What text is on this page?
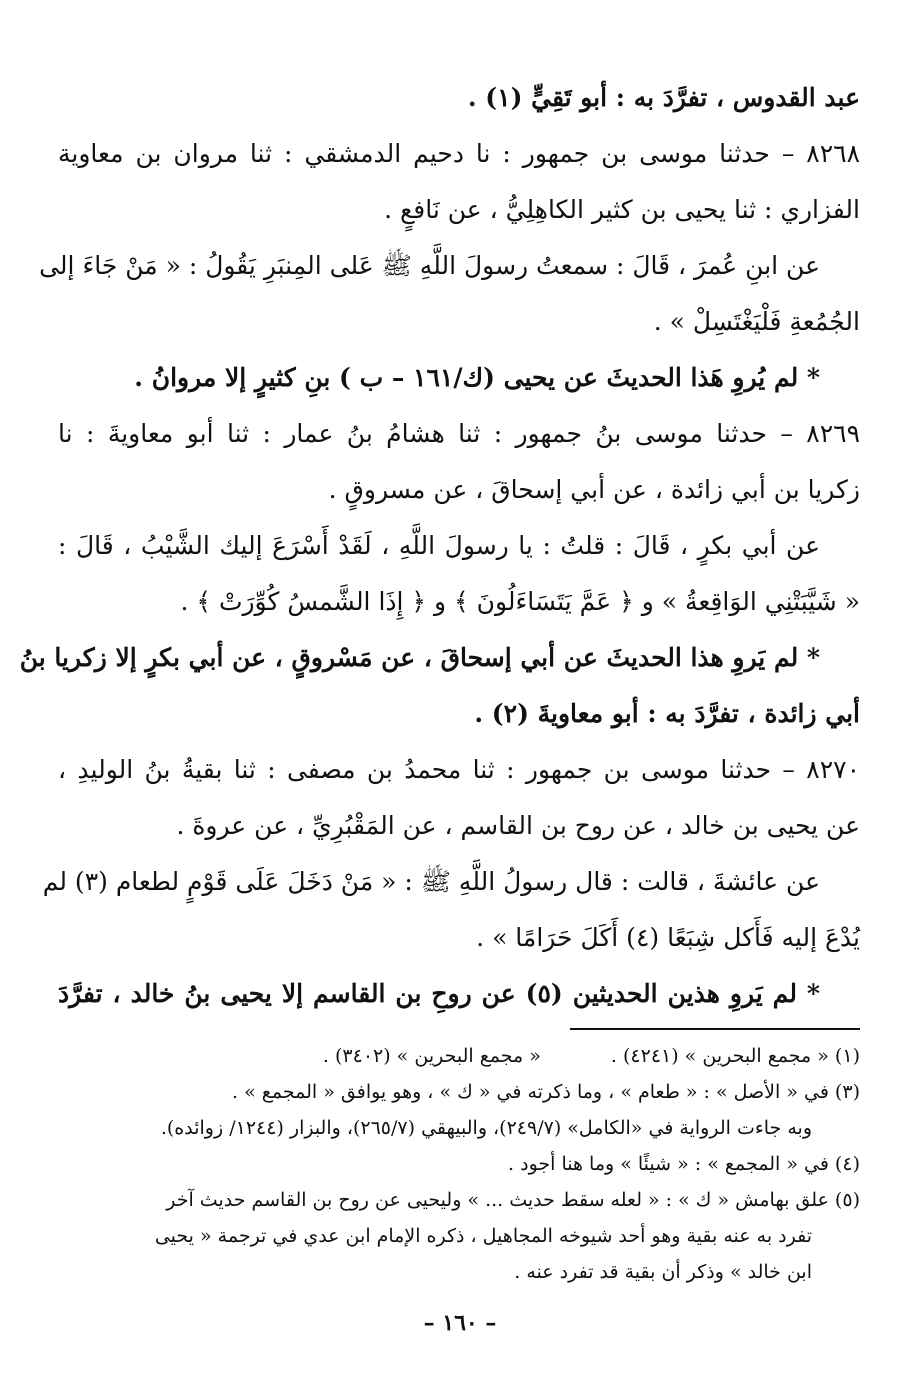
عبد القدوس ، تفرَّدَ به : أبو تَقِيٍّ (١) .
٨٢٦٨ – حدثنا موسى بن جمهور : نا دحيم الدمشقي : ثنا مروان بن معاوية
الفزاري : ثنا يحيى بن كثير الكاهِلِيُّ ، عن نَافعٍ .
عن ابنِ عُمرَ ، قَالَ : سمعتُ رسولَ اللَّهِ ﷺ عَلى المِنبَرِ يَقُولُ : « مَنْ جَاءَ إلى
الجُمُعةِ فَلْيَغْتَسِلْ » .
* لم يُروِ هَذا الحديثَ عن يحيى (ك/١٦١ – ب ) بنِ كثيرٍ إلا مروانُ .
٨٢٦٩ – حدثنا موسى بنُ جمهور : ثنا هشامُ بنُ عمار : ثنا أبو معاويةَ : نا
زكريا بن أبي زائدة ، عن أبي إسحاقَ ، عن مسروقٍ .
عن أبي بكرٍ ، قَالَ : قلتُ : يا رسولَ اللَّهِ ، لَقَدْ أَسْرَعَ إليك الشَّيْبُ ، قَالَ :
« شَيَّبَتْنِي الوَاقِعةُ » و ﴿ عَمَّ يَتَسَاءَلُونَ ﴾ و ﴿ إِذَا الشَّمسُ كُوِّرَتْ ﴾ .
* لم يَروِ هذا الحديثَ عن أبي إسحاقَ ، عن مَسْروقٍ ، عن أبي بكرٍ إلا زكريا بنُ
أبي زائدة ، تفرَّدَ به : أبو معاويةَ (٢) .
٨٢٧٠ – حدثنا موسى بن جمهور : ثنا محمدُ بن مصفى : ثنا بقيةُ بنُ الوليدِ ،
عن يحيى بن خالد ، عن روح بن القاسم ، عن المَقْبُرِيِّ ، عن عروةَ .
عن عائشةَ ، قالت : قال رسولُ اللَّهِ ﷺ : « مَنْ دَخَلَ عَلَى قَوْمٍ لطعام (٣) لم
يُدْعَ إليه فَأَكل شِبَعًا (٤) أَكَلَ حَرَامًا » .
* لم يَروِ هذين الحديثين (٥) عن روحِ بن القاسم إلا يحيى بنُ خالد ، تفرَّدَ
(١) « مجمع البحرين » (٤٢٤١) .
« مجمع البحرين » (٣٤٠٢) .
(٣) في « الأصل » : « طعام » ، وما ذكرته في « ك » ، وهو يوافق « المجمع » .
وبه جاءت الرواية في «الكامل» (٢٤٩/٧)، والبيهقي (٢٦٥/٧)، والبزار (١٢٤٤/ زوائده).
(٤) في « المجمع » : « شيئًا » وما هنا أجود .
(٥) علق بهامش « ك » : « لعله سقط حديث ... » وليحيى عن روح بن القاسم حديث آخر
تفرد به عنه بقية وهو أحد شيوخه المجاهيل ، ذكره الإمام ابن عدي في ترجمة « يحيى
ابن خالد » وذكر أن بقية قد تفرد عنه .
– ١٦٠ –
